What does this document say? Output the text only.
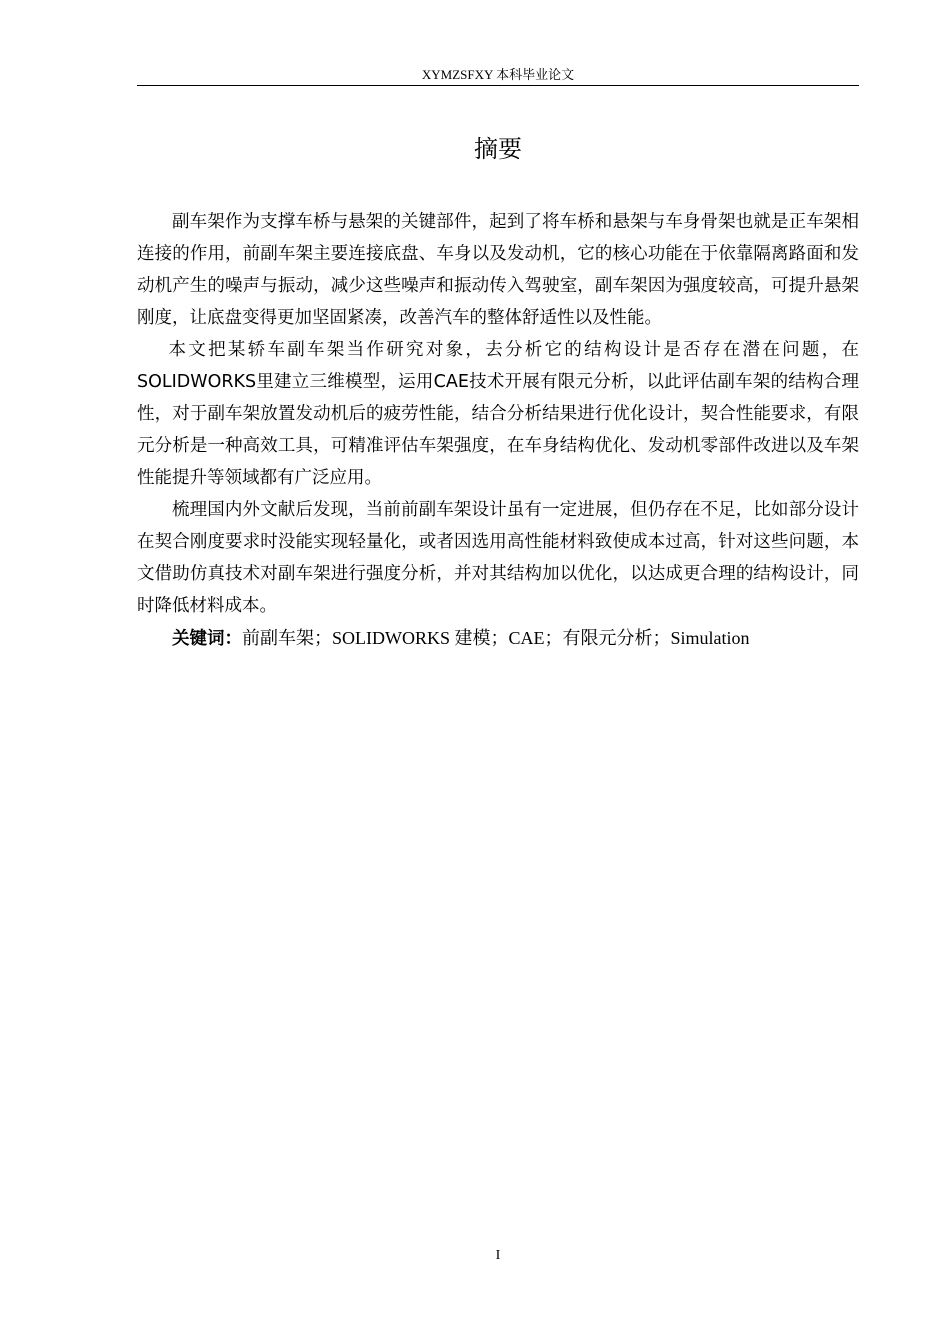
XYMZSFXY 本科毕业论文
摘要

副车架作为支撑车桥与悬架的关键部件，起到了将车桥和悬架与车身骨架也就是正车架相连接的作用，前副车架主要连接底盘、车身以及发动机，它的核心功能在于依靠隔离路面和发动机产生的噪声与振动，减少这些噪声和振动传入驾驶室，副车架因为强度较高，可提升悬架刚度，让底盘变得更加坚固紧凑，改善汽车的整体舒适性以及性能。

本文把某轿车副车架当作研究对象，去分析它的结构设计是否存在潜在问题，在SOLIDWORKS里建立三维模型，运用CAE技术开展有限元分析，以此评估副车架的结构合理性，对于副车架放置发动机后的疲劳性能，结合分析结果进行优化设计，契合性能要求，有限元分析是一种高效工具，可精准评估车架强度，在车身结构优化、发动机零部件改进以及车架性能提升等领域都有广泛应用。

梳理国内外文献后发现，当前前副车架设计虽有一定进展，但仍存在不足，比如部分设计在契合刚度要求时没能实现轻量化，或者因选用高性能材料致使成本过高，针对这些问题，本文借助仿真技术对副车架进行强度分析，并对其结构加以优化，以达成更合理的结构设计，同时降低材料成本。

关键词：前副车架；SOLIDWORKS 建模；CAE；有限元分析；Simulation

I
